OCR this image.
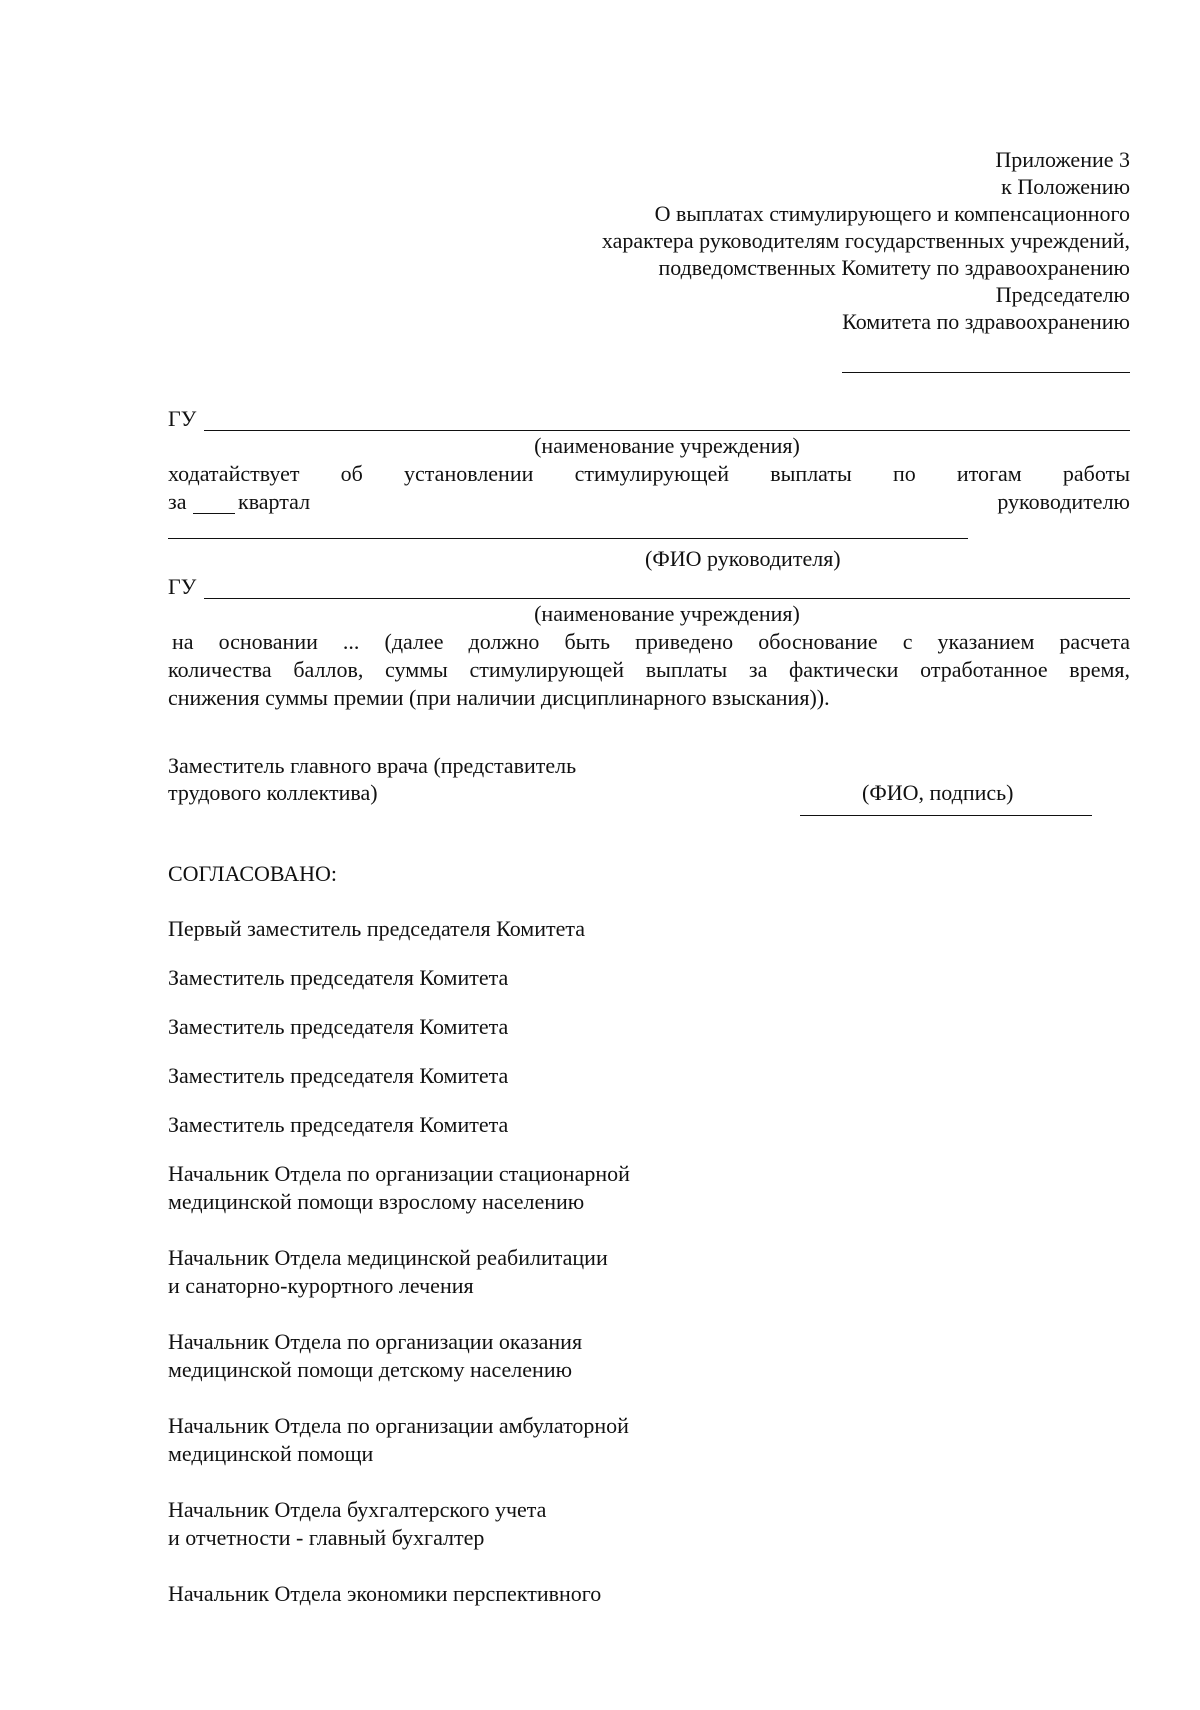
Приложение 3
к Положению
О выплатах стимулирующего и компенсационного
характера руководителям государственных учреждений,
подведомственных Комитету по здравоохранению
Председателю
Комитета по здравоохранению
ГУ
(наименование учреждения)
ходатайствует об установлении стимулирующей выплаты по итогам работы
за квартал	руководителю
(ФИО руководителя)
ГУ
(наименование учреждения)
на основании ... (далее должно быть приведено обоснование с указанием расчета
количества баллов, суммы стимулирующей выплаты за фактически отработанное время,
снижения суммы премии (при наличии дисциплинарного взыскания)).
Заместитель главного врача (представитель
трудового коллектива)	(ФИО, подпись)
СОГЛАСОВАНО:
Первый заместитель председателя Комитета
Заместитель председателя Комитета
Заместитель председателя Комитета
Заместитель председателя Комитета
Заместитель председателя Комитета
Начальник Отдела по организации стационарной
медицинской помощи взрослому населению
Начальник Отдела медицинской реабилитации
и санаторно-курортного лечения
Начальник Отдела по организации оказания
медицинской помощи детскому населению
Начальник Отдела по организации амбулаторной
медицинской помощи
Начальник Отдела бухгалтерского учета
и отчетности - главный бухгалтер
Начальник Отдела экономики перспективного
